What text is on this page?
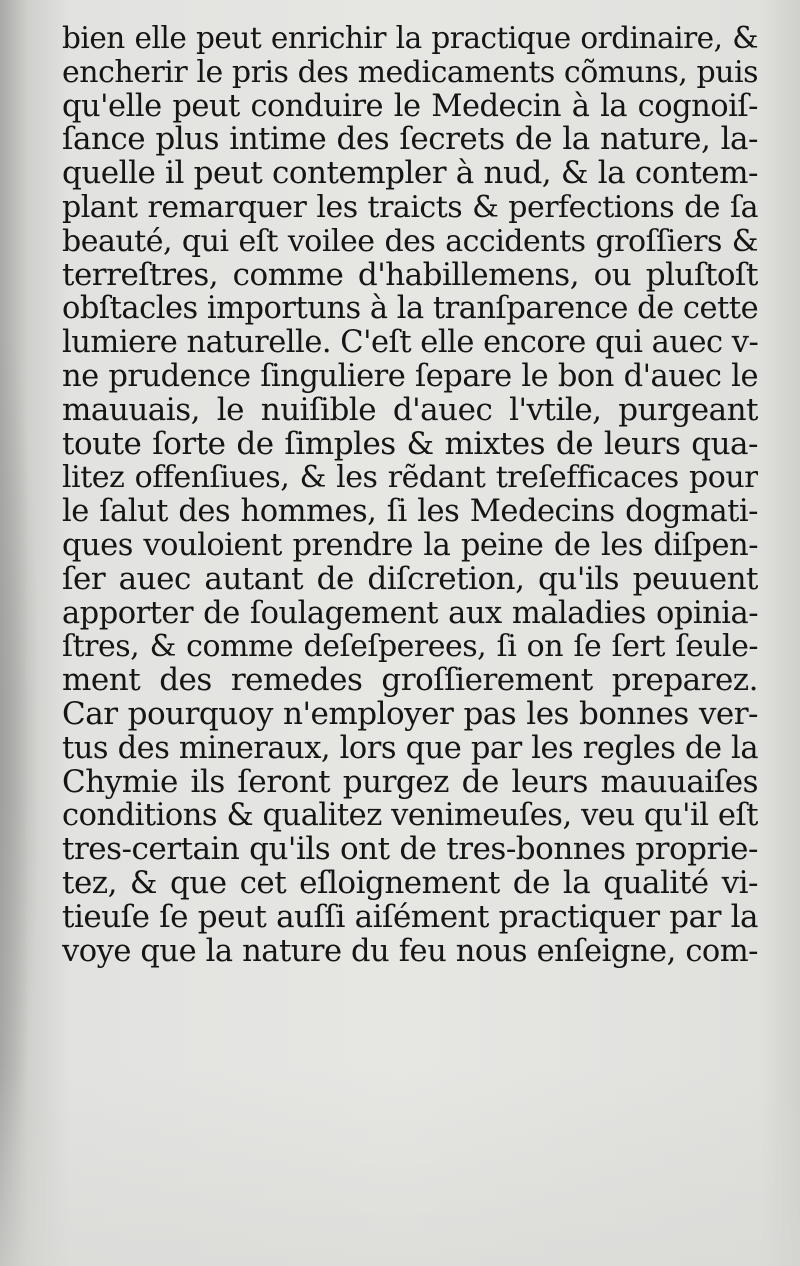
bien elle peut enrichir la practique ordinaire, &
encherir le pris des medicaments cõmuns, puis
qu'elle peut conduire le Medecin à la cognoiſ-
ſance plus intime des ſecrets de la nature, la-
quelle il peut contempler à nud, & la contem-
plant remarquer les traicts & perfections de ſa
beauté, qui eſt voilee des accidents groſſiers &
terreſtres, comme d'habillemens, ou pluſtoſt
obſtacles importuns à la tranſparence de cette
lumiere naturelle. C'eſt elle encore qui auec v-
ne prudence ſinguliere ſepare le bon d'auec le
mauuais, le nuiſible d'auec l'vtile, purgeant
toute ſorte de ſimples & mixtes de leurs qua-
litez offenſiues, & les rẽdant treſefficaces pour
le ſalut des hommes, ſi les Medecins dogmati-
ques vouloient prendre la peine de les diſpen-
ſer auec autant de diſcretion, qu'ils peuuent
apporter de ſoulagement aux maladies opinia-
ſtres, & comme deſeſperees, ſi on ſe ſert ſeule-
ment des remedes groſſierement preparez.
Car pourquoy n'employer pas les bonnes ver-
tus des mineraux, lors que par les regles de la
Chymie ils ſeront purgez de leurs mauuaiſes
conditions & qualitez venimeuſes, veu qu'il eſt
tres-certain qu'ils ont de tres-bonnes proprie-
tez, & que cet eſloignement de la qualité vi-
tieuſe ſe peut auſſi aiſément practiquer par la
voye que la nature du feu nous enſeigne, com-
